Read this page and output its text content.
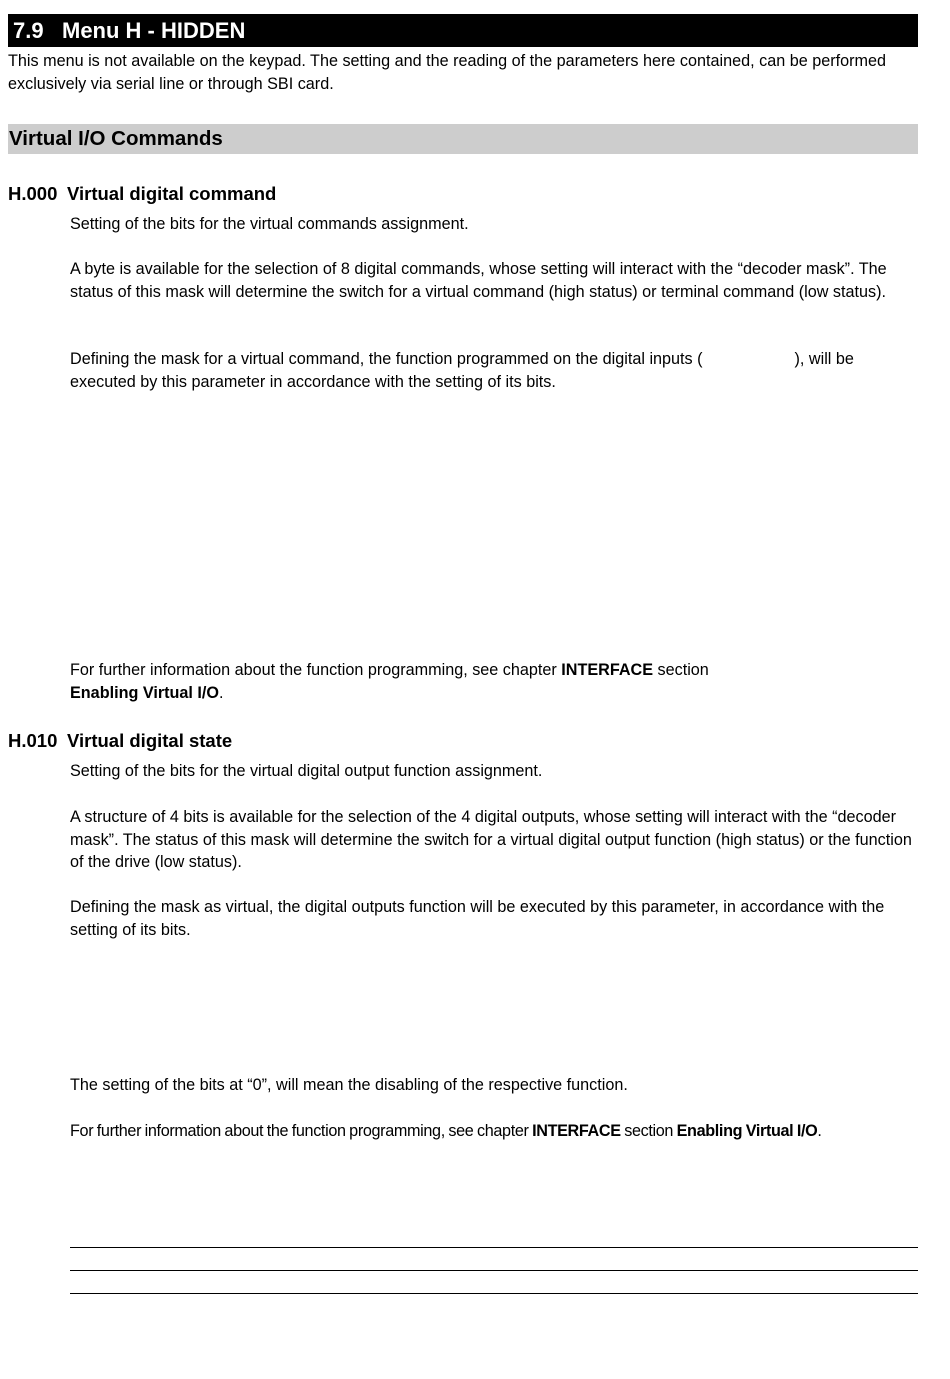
7.9 Menu H - HIDDEN

This menu is not available on the keypad. The setting and the reading of the parameters here contained, can be performed exclusively via serial line or through SBI card.

Virtual I/O Commands
H.000 Virtual digital command

Setting of the bits for the virtual commands assignment.

A byte is available for the selection of 8 digital commands, whose setting will interact with the “decoder mask”. The status of this mask will determine the switch for a virtual command (high status) or terminal command (low status).

Defining the mask for a virtual command, the function programmed on the digital inputs (	), will be executed by this parameter in accordance with the setting of its bits.

For further information about the function programming, see chapter INTERFACE section
Enabling Virtual I/O.

H.010 Virtual digital state

Setting of the bits for the virtual digital output function assignment.

A structure of 4 bits is available for the selection of the 4 digital outputs, whose setting will interact with the “decoder mask”. The status of this mask will determine the switch for a virtual digital output function (high status) or the function of the drive (low status).

Defining the mask as virtual, the digital outputs function will be executed by this parameter, in accordance with the setting of its bits.

The setting of the bits at “0”, will mean the disabling of the respective function.

For further information about the function programming, see chapter INTERFACE section Enabling Virtual I/O.
